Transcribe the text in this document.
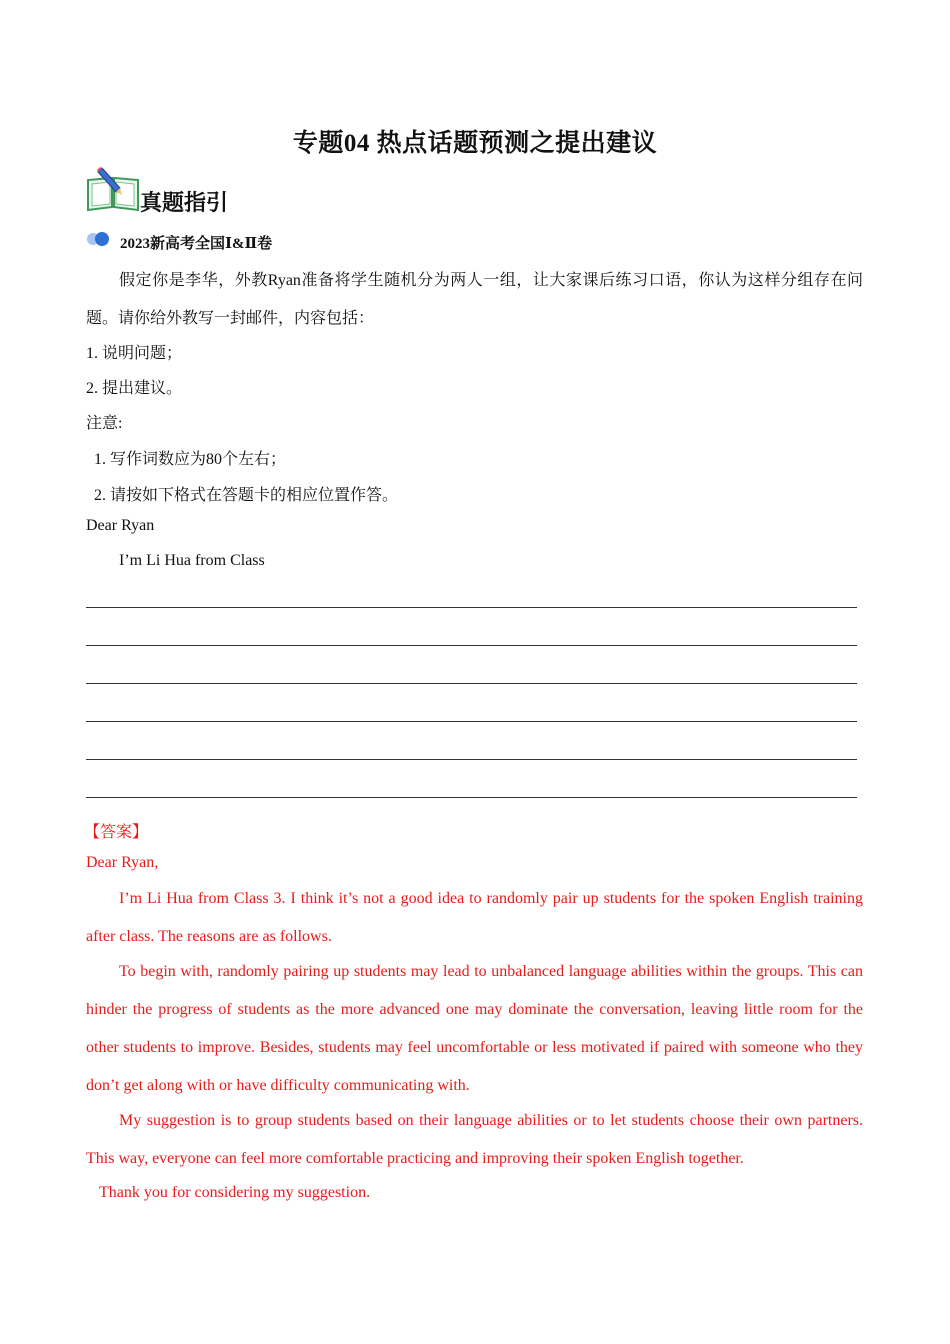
专题04 热点话题预测之提出建议
真题指引
2023新高考全国Ⅰ&Ⅱ卷
假定你是李华，外教Ryan准备将学生随机分为两人一组，让大家课后练习口语，你认为这样分组存在问题。请你给外教写一封邮件，内容包括：
1. 说明问题；
2. 提出建议。
注意:
1. 写作词数应为80个左右；
2. 请按如下格式在答题卡的相应位置作答。
Dear Ryan
I’m Li Hua from Class
【答案】
Dear Ryan,
I’m Li Hua from Class 3. I think it’s not a good idea to randomly pair up students for the spoken English training after class. The reasons are as follows.
To begin with, randomly pairing up students may lead to unbalanced language abilities within the groups. This can hinder the progress of students as the more advanced one may dominate the conversation, leaving little room for the other students to improve. Besides, students may feel uncomfortable or less motivated if paired with someone who they don’t get along with or have difficulty communicating with.
My suggestion is to group students based on their language abilities or to let students choose their own partners. This way, everyone can feel more comfortable practicing and improving their spoken English together.
Thank you for considering my suggestion.
